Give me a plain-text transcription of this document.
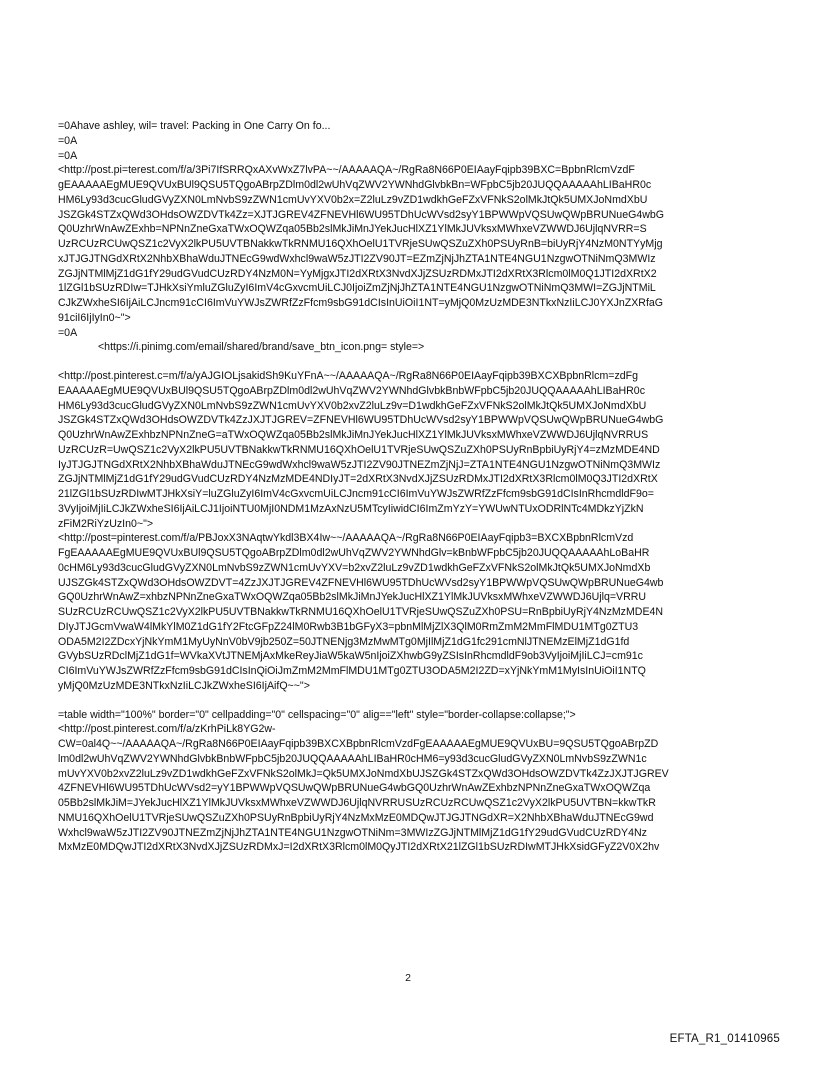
=0Ahave ashley, wil= travel: Packing in One Carry On fo...
=0A
=0A
<http://post.pi=terest.com/f/a/3Pi7IfSRRQxAXvWxZ7lvPA~~/AAAAAQA~/RgRa8N66P0EIAayFqipb39BXC=BpbnRlcmVzdF
gEAAAAAEgMUE9QVUxBUl9QSU5TQgoABrpZDlm0dl2wUhVqZWV2YWNhdGlvbkBn=WFpbC5jb20JUQQAAAAAhLIBaHR0c
HM6Ly93d3cucGludGVyZXN0LmNvbS9zZWN1cmUvYXV0b2x=Z2luLz9vZD1wdkhGeFZxVFNkS2olMkJtQk5UMXJoNmdXbU
JSZGk4STZxQWd3OHdsOWZDVTk4Zz=XJTJGREV4ZFNEVHl6WU95TDhUcWVsd2syY1BPWWpVQSUwQWpBRUNueG4wbG
Q0UzhrWnAwZExhb=NPNnZneGxaTWxOQWZqa05Bb2slMkJiMnJYekJucHlXZ1YlMkJUVksxMWhxeVZWWDJ6UjlqNVRR=S
UzRCUzRCUwQSZ1c2VyX2lkPU5UVTBNakkwTkRNMU16QXhOelU1TVRjeSUwQSZuZXh0PSUyRnB=biUyRjY4NzM0NTYyMjg
xJTJGJTNGdXRtX2NhbXBhaWduJTNEcG9wdWxhcl9waW5zJTI2ZV90JT=EZmZjNjJhZTA1NTE4NGU1NzgwOTNiNmQ3MWIz
ZGJjNTMlMjZ1dG1fY29udGVudCUzRDY4NzM0N=YyMjgxJTI2dXRtX3NvdXJjZSUzRDMxJTI2dXRtX3Rlcm0lM0Q1JTI2dXRtX2
1lZGl1bSUzRDIw=TJHkXsiYmluZGluZyI6ImV4cGxvcmUiLCJ0IjoiZmZjNjJhZTA1NTE4NGU1NzgwOTNiNmQ3MWI=ZGJjNTMiL
CJkZWxheSI6IjAiLCJncm91cCI6ImVuYWJsZWRfZzFfcm9sbG91dCIsInUiOiI1NT=yMjQ0MzUzMDE3NTkxNzIiLCJ0YXJnZXRfaG
91ciI6IjIyIn0~">
=0A
<https://i.pinimg.com/email/shared/brand/save_btn_icon.png= style=>
<http://post.pinterest.c=m/f/a/yAJGIOLjsakidSh9KuYFnA~~/AAAAAQA~/RgRa8N66P0EIAayFqipb39BXCXBpbnRlcm=zdFg
EAAAAAEgMUE9QVUxBUl9QSU5TQgoABrpZDlm0dl2wUhVqZWV2YWNhdGlvbkBnbWFpbC5jb20JUQQAAAAAhLIBaHR0c
HM6Ly93d3cucGludGVyZXN0LmNvbS9zZWN1cmUvYXV0b2xvZ2luLz9v=D1wdkhGeFZxVFNkS2olMkJtQk5UMXJoNmdXbU
JSZGk4STZxQWd3OHdsOWZDVTk4ZzJXJTJGREV=ZFNEVHl6WU95TDhUcWVsd2syY1BPWWpVQSUwQWpBRUNueG4wbG
Q0UzhrWnAwZExhbzNPNnZneG=aTWxOQWZqa05Bb2slMkJiMnJYekJucHlXZ1YlMkJUVksxMWhxeVZWWDJ6UjlqNVRRUS
UzRCUzR=UwQSZ1c2VyX2lkPU5UVTBNakkwTkRNMU16QXhOelU1TVRjeSUwQSZuZXh0PSUyRnBpbiUyRjY4=zMzMDE4ND
IyJTJGJTNGdXRtX2NhbXBhaWduJTNEcG9wdWxhcl9waW5zJTI2ZV90JTNEZmZjNjJ=ZTA1NTE4NGU1NzgwOTNiNmQ3MWIz
ZGJjNTMlMjZ1dG1fY29udGVudCUzRDY4NzMzMDE4NDIyJT=2dXRtX3NvdXJjZSUzRDMxJTI2dXRtX3Rlcm0lM0Q3JTI2dXRtX
21lZGl1bSUzRDIwMTJHkXsiY=luZGluZyI6ImV4cGxvcmUiLCJncm91cCI6ImVuYWJsZWRfZzFfcm9sbG91dCIsInRhcmdldF9o=
3VyIjoiMjIiLCJkZWxheSI6IjAiLCJ1IjoiNTU0MjI0NDM1MzAxNzU5MTcyIiwidCI6ImZmYzY=YWUwNTUxODRlNTc4MDkzYjZkN
zFiM2RiYzUzIn0~">
<http://post=pinterest.com/f/a/PBJoxX3NAqtwYkdl3BX4Iw~~/AAAAAQA~/RgRa8N66P0EIAayFqipb3=BXCXBpbnRlcmVzd
FgEAAAAAEgMUE9QVUxBUl9QSU5TQgoABrpZDlm0dl2wUhVqZWV2YWNhdGlv=kBnbWFpbC5jb20JUQQAAAAAhLoBaHR
0cHM6Ly93d3cucGludGVyZXN0LmNvbS9zZWN1cmUvYXV=b2xvZ2luLz9vZD1wdkhGeFZxVFNkS2olMkJtQk5UMXJoNmdXb
UJSZGk4STZxQWd3OHdsOWZDVT=4ZzJXJTJGREV4ZFNEVHl6WU95TDhUcWVsd2syY1BPWWpVQSUwQWpBRUNueG4wb
GQ0UzhrWnAwZ=xhbzNPNnZneGxaTWxOQWZqa05Bb2slMkJiMnJYekJucHlXZ1YlMkJUVksxMWhxeVZWWDJ6Ujlq=VRRU
SUzRCUzRCUwQSZ1c2VyX2lkPU5UVTBNakkwTkRNMU16QXhOelU1TVRjeSUwQSZuZXh0PSU=RnBpbiUyRjY4NzMzMDE4N
DIyJTJGcmVwaW4lMkYlM0Z1dG1fY2FtcGFpZ24lM0Rwb3B1bGFyX3=pbnMlMjZlX3QlM0RmZmM2MmFlMDU1MTg0ZTU3
ODA5M2I2ZDcxYjNkYmM1MyUyNnV0bV9jb250Z=50JTNENjg3MzMwMTg0MjIlMjZ1dG1fc291cmNlJTNEMzElMjZ1dG1fd
GVybSUzRDclMjZ1dG1f=WVkaXVtJTNEMjAxMkeReyJiaW5kaW5nIjoiZXhwbG9yZSIsInRhcmdldF9ob3VyIjoiMjIiLCJ=cm91c
CI6ImVuYWJsZWRfZzFfcm9sbG91dCIsInQiOiJmZmM2MmFlMDU1MTg0ZTU3ODA5M2I2ZD=xYjNkYmM1MyIsInUiOiI1NTQ
yMjQ0MzUzMDE3NTkxNzIiLCJkZWxheSI6IjAifQ~~">
=table width="100%" border="0" cellpadding="0" cellspacing="0" alig=="left" style="border-collapse:collapse;">
<http://post.pinterest.com/f/a/zKrhPiLk8YG2w-
CW=0al4Q~~/AAAAAQA~/RgRa8N66P0EIAayFqipb39BXCXBpbnRlcmVzdFgEAAAAAEgMUE9QVUxBU=9QSU5TQgoABrpZD
lm0dl2wUhVqZWV2YWNhdGlvbkBnbWFpbC5jb20JUQQAAAAAhLIBaHR0cHM6=y93d3cucGludGVyZXN0LmNvbS9zZWN1c
mUvYXV0b2xvZ2luLz9vZD1wdkhGeFZxVFNkS2olMkJ=Qk5UMXJoNmdXbUJSZGk4STZxQWd3OHdsOWZDVTk4ZzJXJTJGREV
4ZFNEVHl6WU95TDhUcWVsd2=yY1BPWWpVQSUwQWpBRUNueG4wbGQ0UzhrWnAwZExhbzNPNnZneGxaTWxOQWZqa
05Bb2slMkJiM=JYekJucHlXZ1YlMkJUVksxMWhxeVZWWDJ6UjlqNVRRUSUzRCUzRCUwQSZ1c2VyX2lkPU5UVTBN=kkwTkR
NMU16QXhOelU1TVRjeSUwQSZuZXh0PSUyRnBpbiUyRjY4NzMxMzE0MDQwJTJGJTNGdXR=X2NhbXBhaWduJTNEcG9wd
Wxhcl9waW5zJTI2ZV90JTNEZmZjNjJhZTA1NTE4NGU1NzgwOTNiNm=3MWIzZGJjNTMlMjZ1dG1fY29udGVudCUzRDY4Nz
MxMzE0MDQwJTI2dXRtX3NvdXJjZSUzRDMxJ=I2dXRtX3Rlcm0lM0QyJTI2dXRtX21lZGl1bSUzRDIwMTJHkXsidGFyZ2V0X2hv
2
EFTA_R1_01410965
